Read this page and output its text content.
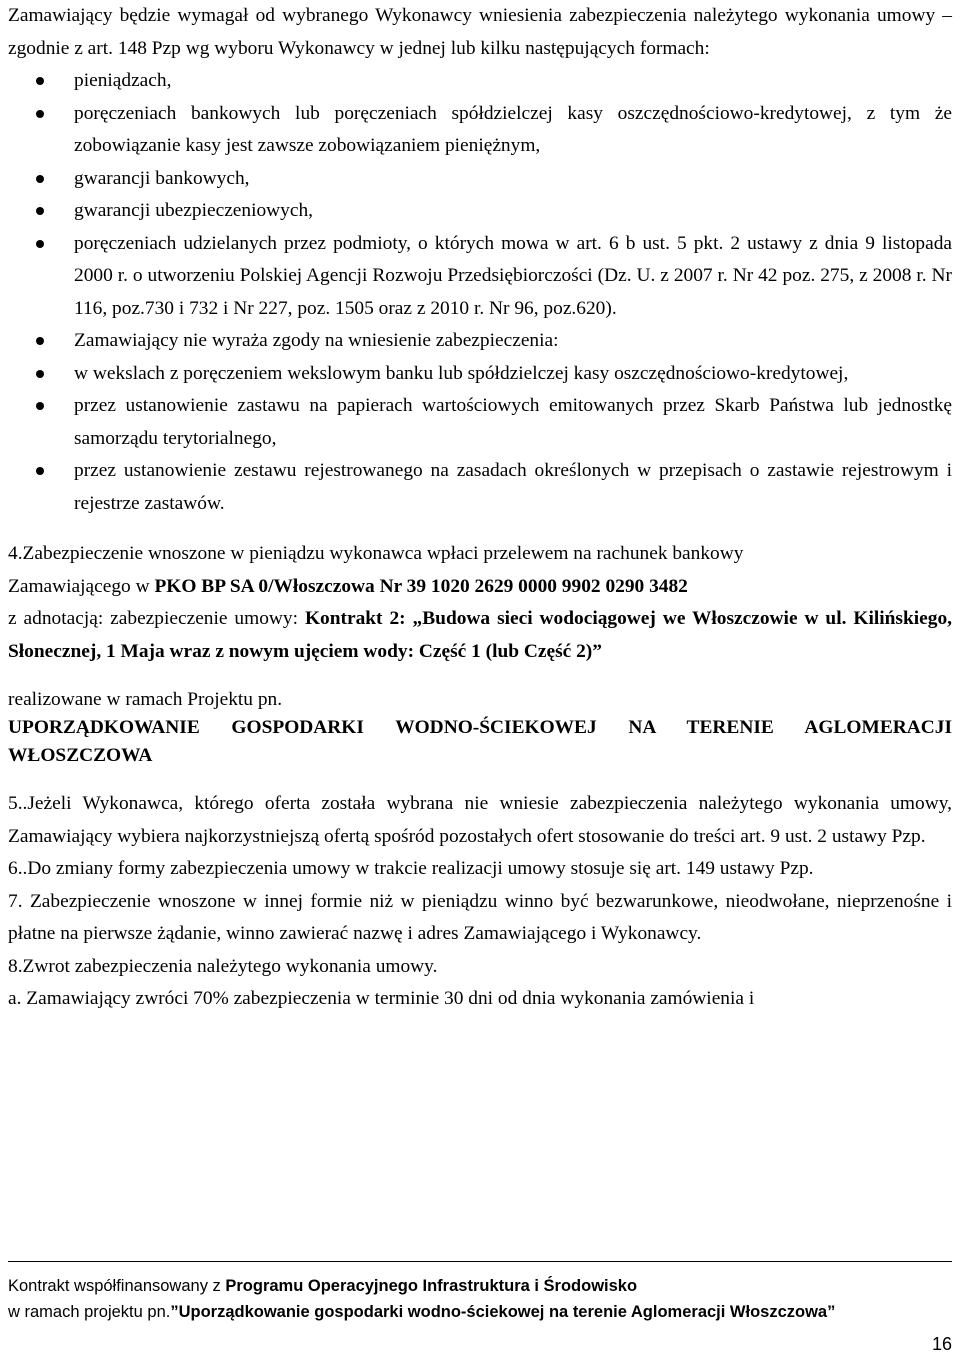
Zamawiający będzie wymagał od wybranego Wykonawcy wniesienia zabezpieczenia należytego wykonania umowy – zgodnie z art. 148 Pzp wg wyboru Wykonawcy w jednej lub kilku następujących formach:

pieniądzach,
poręczeniach bankowych lub poręczeniach spółdzielczej kasy oszczędnościowo-kredytowej, z tym że zobowiązanie kasy jest zawsze zobowiązaniem pieniężnym,
gwarancji bankowych,
gwarancji ubezpieczeniowych,
poręczeniach udzielanych przez podmioty, o których mowa w art. 6 b ust. 5 pkt. 2 ustawy z dnia 9 listopada 2000 r. o utworzeniu Polskiej Agencji Rozwoju Przedsiębiorczości (Dz. U. z 2007 r. Nr 42 poz. 275, z 2008 r. Nr 116, poz.730 i 732 i Nr 227, poz. 1505 oraz z 2010 r. Nr 96, poz.620).
Zamawiający nie wyraża zgody na wniesienie zabezpieczenia:
w wekslach z poręczeniem wekslowym banku lub spółdzielczej kasy oszczędnościowo-kredytowej,
przez ustanowienie zastawu na papierach wartościowych emitowanych przez Skarb Państwa lub jednostkę samorządu terytorialnego,
przez ustanowienie zestawu rejestrowanego na zasadach określonych w przepisach o zastawie rejestrowym i rejestrze zastawów.

4.Zabezpieczenie wnoszone w pieniądzu wykonawca wpłaci przelewem na rachunek bankowy
Zamawiającego w PKO BP SA 0/Włoszczowa Nr 39 1020 2629 0000 9902 0290 3482
z adnotacją: zabezpieczenie umowy: Kontrakt 2: „Budowa sieci wodociągowej we Włoszczowie w ul. Kilińskiego, Słonecznej, 1 Maja wraz z nowym ujęciem wody: Część 1 (lub Część 2)”

realizowane w ramach Projektu pn.

UPORZĄDKOWANIE GOSPODARKI WODNO-ŚCIEKOWEJ NA TERENIE AGLOMERACJI WŁOSZCZOWA

5..Jeżeli Wykonawca, którego oferta została wybrana nie wniesie zabezpieczenia należytego wykonania umowy, Zamawiający wybiera najkorzystniejszą ofertą spośród pozostałych ofert stosowanie do treści art. 9 ust. 2 ustawy Pzp.

6..Do zmiany formy zabezpieczenia umowy w trakcie realizacji umowy stosuje się art. 149 ustawy Pzp.

7. Zabezpieczenie wnoszone w innej formie niż w pieniądzu winno być bezwarunkowe, nieodwołane, nieprzenośne i płatne na pierwsze żądanie, winno zawierać nazwę i adres Zamawiającego i Wykonawcy.

8.Zwrot zabezpieczenia należytego wykonania umowy.

a. Zamawiający zwróci 70% zabezpieczenia w terminie 30 dni od dnia wykonania zamówienia i

Kontrakt współfinansowany z Programu Operacyjnego Infrastruktura i Środowisko
w ramach projektu pn.”Uporządkowanie gospodarki wodno-ściekowej na terenie Aglomeracji Włoszczowa”
16
